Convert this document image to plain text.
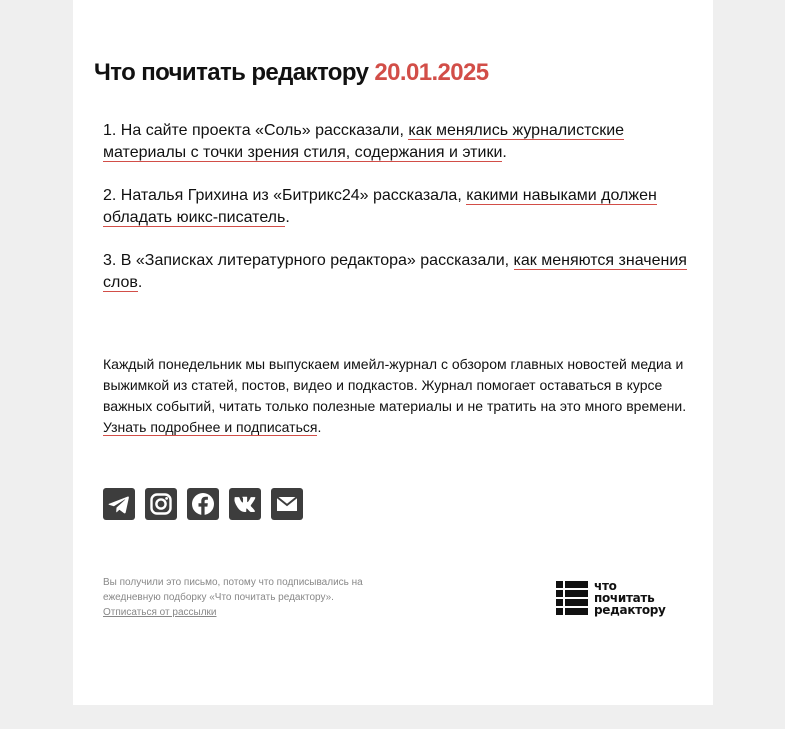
Что почитать редактору 20.01.2025
1. На сайте проекта «Соль» рассказали, как менялись журналистские материалы с точки зрения стиля, содержания и этики.
2. Наталья Грихина из «Битрикс24» рассказала, какими навыками должен обладать юикс-писатель.
3. В «Записках литературного редактора» рассказали, как меняются значения слов.

Каждый понедельник мы выпускаем имейл-журнал с обзором главных новостей медиа и выжимкой из статей, постов, видео и подкастов. Журнал помогает оставаться в курсе важных событий, читать только полезные материалы и не тратить на это много времени. Узнать подробнее и подписаться.

Вы получили это письмо, потому что подписывались на ежедневную подборку «Что почитать редактору».
Отписаться от рассылки

что
почитать
редактору
